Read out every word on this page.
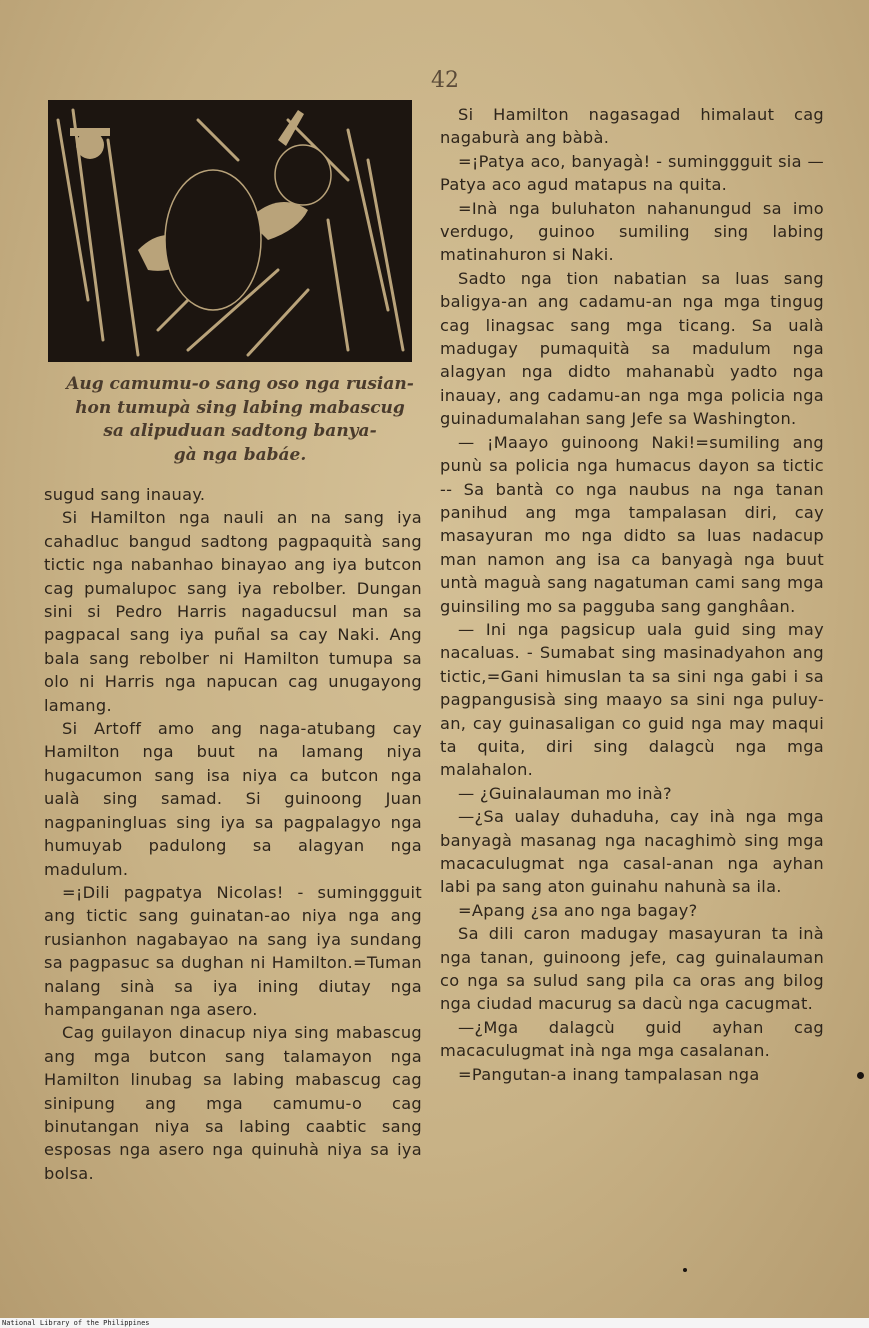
42
Aug camumu-o sang oso nga rusian-
hon tumupà sing labing mabascug
sa alipuduan sadtong banya-
gà nga babáe.

sugud sang inauay.

Si Hamilton nga nauli an na sang iya cahadluc bangud sadtong pagpaquità sang tictic nga nabanhao binayao ang iya butcon cag pumalupoc sang iya rebolber. Dungan sini si Pedro Harris nagaducsul man sa pagpacal sang iya puñal sa cay Naki. Ang bala sang rebolber ni Hamilton tumupa sa olo ni Harris nga napucan cag unugayong lamang.

Si Artoff amo ang naga-atubang cay Hamilton nga buut na lamang niya hugacumon sang isa niya ca butcon nga ualà sing samad. Si guinoong Juan nagpaningluas sing iya sa pagpalagyo nga humuyab padulong sa alagyan nga madulum.

=¡Dili pagpatya Nicolas! - suminggguit ang tictic sang guinatan-ao niya nga ang rusianhon nagabayao na sang iya sundang sa pagpasuc sa dughan ni Hamilton.=Tuman nalang sinà sa iya ining diutay nga hampanganan nga asero.

Cag guilayon dinacup niya sing mabascug ang mga butcon sang talamayon nga Hamilton linubag sa labing mabascug cag sinipung ang mga camumu-o cag binutangan niya sa labing caabtic sang esposas nga asero nga quinuhà niya sa iya bolsa.

Si Hamilton nagasagad himalaut cag nagaburà ang bàbà.

=¡Patya aco, banyagà! - suminggguit sia — Patya aco agud matapus na quita.

=Inà nga buluhaton nahanungud sa imo verdugo, guinoo sumiling sing labing matinahuron si Naki.

Sadto nga tion nabatian sa luas sang baligya-an ang cadamu-an nga mga tingug cag linagsac sang mga ticang. Sa ualà madugay pumaquità sa madulum nga alagyan nga didto mahanabù yadto nga inauay, ang cadamu-an nga mga policia nga guinadumalahan sang Jefe sa Washington.

— ¡Maayo guinoong Naki!=sumiling ang punù sa policia nga humacus dayon sa tictic -- Sa bantà co nga naubus na nga tanan panihud ang mga tampalasan diri, cay masayuran mo nga didto sa luas nadacup man namon ang isa ca banyagà nga buut untà maguà sang nagatuman cami sang mga guinsiling mo sa pagguba sang ganghâan.

— Ini nga pagsicup uala guid sing may nacaluas. - Sumabat sing masinadyahon ang tictic,=Gani himuslan ta sa sini nga gabi i sa pagpangusisà sing maayo sa sini nga puluy-an, cay guinasaligan co guid nga may maqui ta quita, diri sing dalagcù nga mga malahalon.

— ¿Guinalauman mo inà?

—¿Sa ualay duhaduha, cay inà nga mga banyagà masanag nga nacaghimò sing mga macaculugmat nga casal-anan nga ayhan labi pa sang aton guinahu nahunà sa ila.

=Apang ¿sa ano nga bagay?

Sa dili caron madugay masayuran ta inà nga tanan, guinoong jefe, cag guinalauman co nga sa sulud sang pila ca oras ang bilog nga ciudad macurug sa dacù nga cacugmat.

—¿Mga dalagcù guid ayhan cag macaculugmat inà nga mga casalanan.

=Pangutan-a inang tampalasan nga

National Library of the Philippines
